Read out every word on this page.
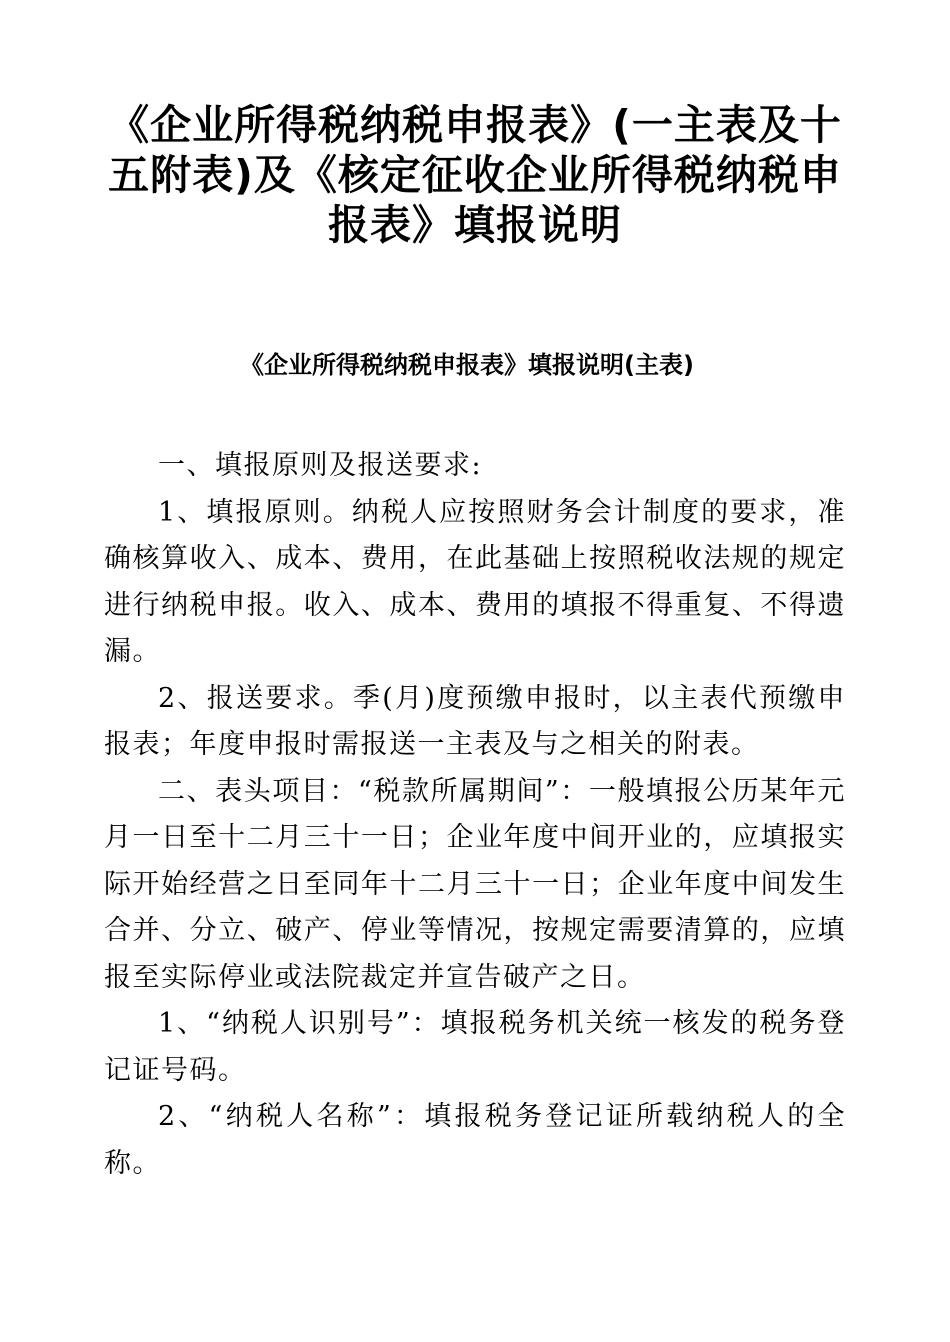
《企业所得税纳税申报表》(一主表及十五附表)及《核定征收企业所得税纳税申报表》填报说明
《企业所得税纳税申报表》填报说明(主表)

一、填报原则及报送要求:

1、填报原则。纳税人应按照财务会计制度的要求，准确核算收入、成本、费用，在此基础上按照税收法规的规定进行纳税申报。收入、成本、费用的填报不得重复、不得遗漏。

2、报送要求。季(月)度预缴申报时，以主表代预缴申报表；年度申报时需报送一主表及与之相关的附表。

二、表头项目：“税款所属期间”：一般填报公历某年元月一日至十二月三十一日；企业年度中间开业的，应填报实际开始经营之日至同年十二月三十一日；企业年度中间发生合并、分立、破产、停业等情况，按规定需要清算的，应填报至实际停业或法院裁定并宣告破产之日。

1、“纳税人识别号”：填报税务机关统一核发的税务登记证号码。

2、“纳税人名称”：填报税务登记证所载纳税人的全称。
